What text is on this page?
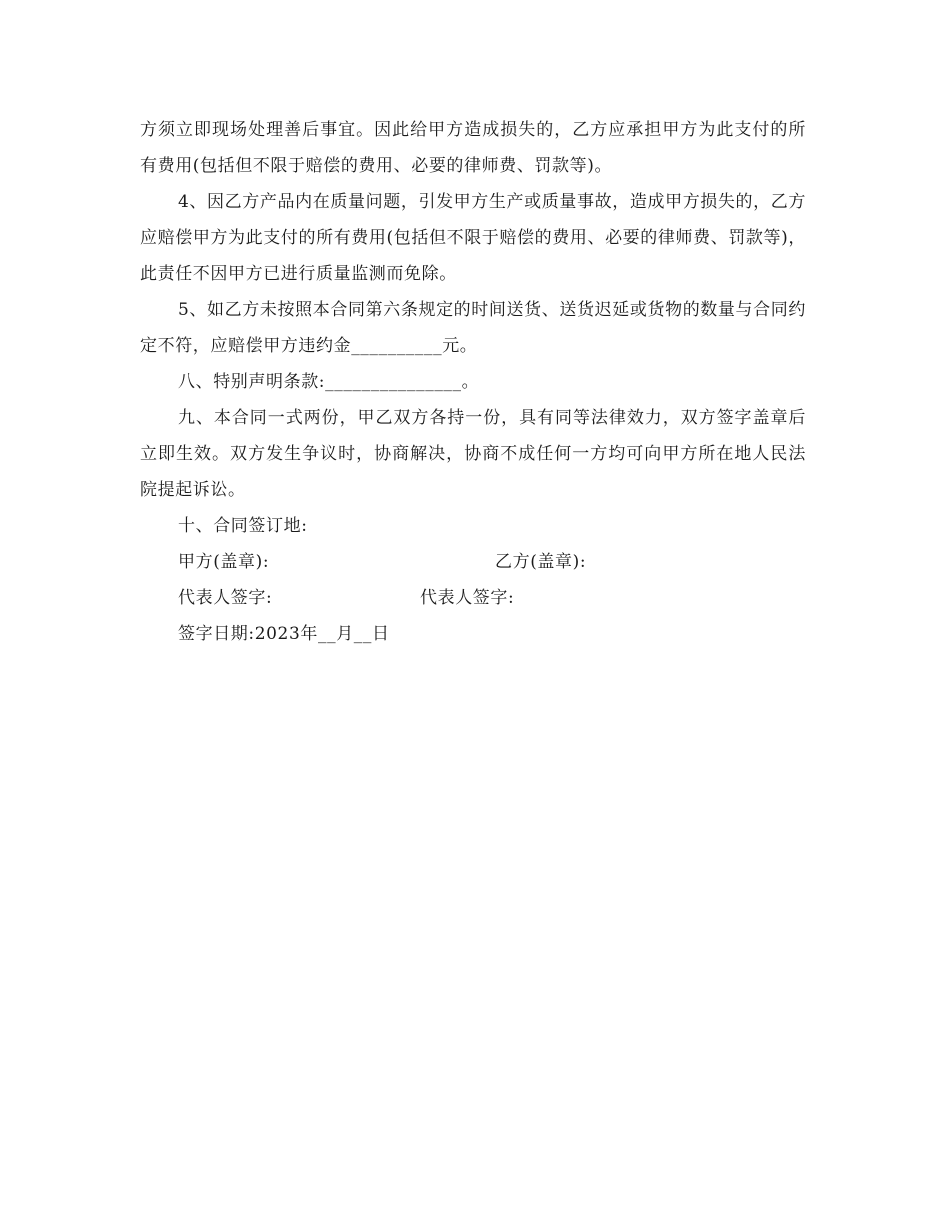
方须立即现场处理善后事宜。因此给甲方造成损失的，乙方应承担甲方为此支付的所有费用(包括但不限于赔偿的费用、必要的律师费、罚款等)。

4、因乙方产品内在质量问题，引发甲方生产或质量事故，造成甲方损失的，乙方应赔偿甲方为此支付的所有费用(包括但不限于赔偿的费用、必要的律师费、罚款等)，此责任不因甲方已进行质量监测而免除。

5、如乙方未按照本合同第六条规定的时间送货、送货迟延或货物的数量与合同约定不符，应赔偿甲方违约金__________元。

八、特别声明条款:_______________。

九、本合同一式两份，甲乙双方各持一份，具有同等法律效力，双方签字盖章后立即生效。双方发生争议时，协商解决，协商不成任何一方均可向甲方所在地人民法院提起诉讼。

十、合同签订地:

甲方(盖章):	乙方(盖章):
代表人签字:	代表人签字:
签字日期:2023年__月__日
